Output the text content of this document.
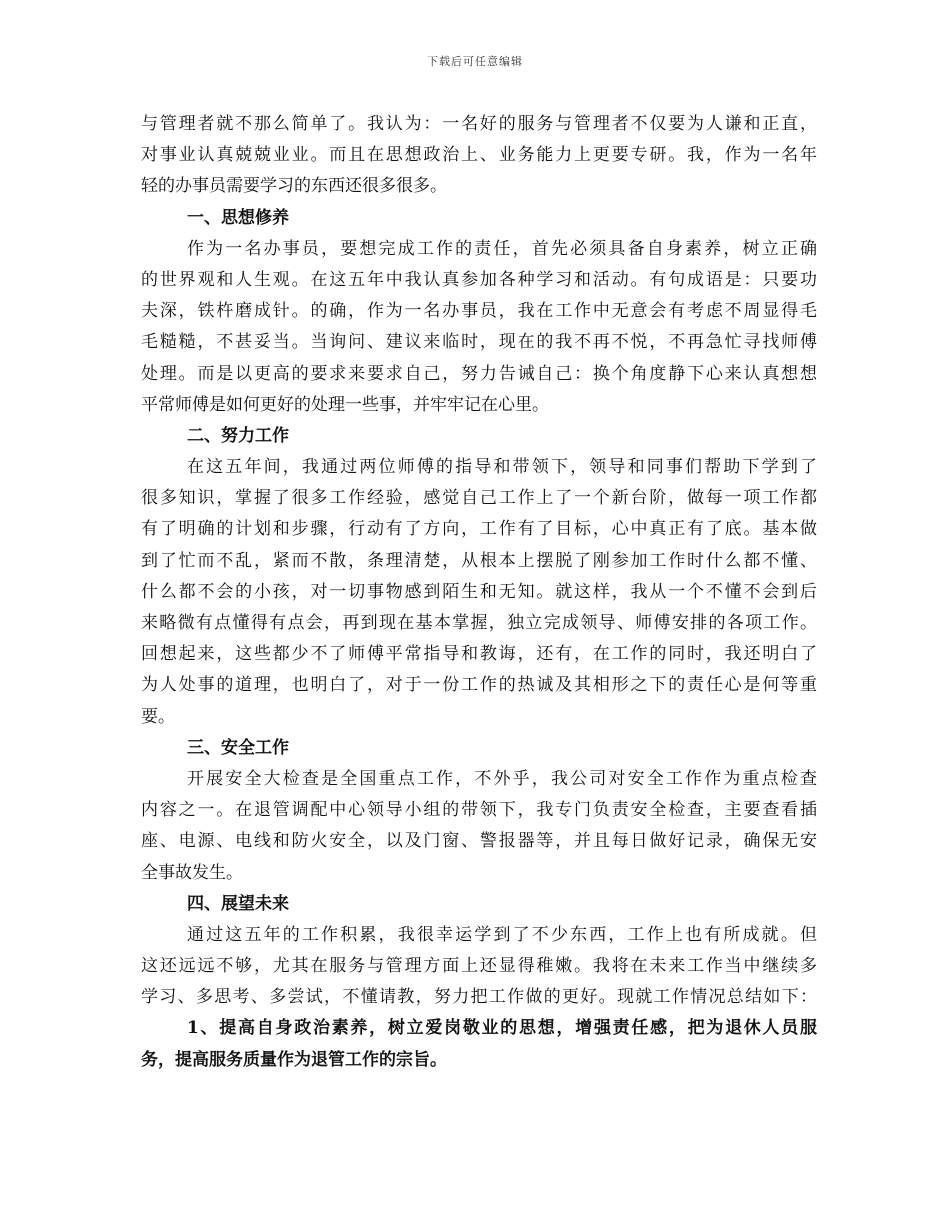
下载后可任意编辑
与管理者就不那么简单了。我认为：一名好的服务与管理者不仅要为人谦和正直，
对事业认真兢兢业业。而且在思想政治上、业务能力上更要专研。我，作为一名年
轻的办事员需要学习的东西还很多很多。
一、思想修养
作为一名办事员，要想完成工作的责任，首先必须具备自身素养，树立正确
的世界观和人生观。在这五年中我认真参加各种学习和活动。有句成语是：只要功
夫深，铁杵磨成针。的确，作为一名办事员，我在工作中无意会有考虑不周显得毛
毛糙糙，不甚妥当。当询问、建议来临时，现在的我不再不悦，不再急忙寻找师傅
处理。而是以更高的要求来要求自己，努力告诫自己：换个角度静下心来认真想想
平常师傅是如何更好的处理一些事，并牢牢记在心里。
二、努力工作
在这五年间，我通过两位师傅的指导和带领下，领导和同事们帮助下学到了
很多知识，掌握了很多工作经验，感觉自己工作上了一个新台阶，做每一项工作都
有了明确的计划和步骤，行动有了方向，工作有了目标，心中真正有了底。基本做
到了忙而不乱，紧而不散，条理清楚，从根本上摆脱了刚参加工作时什么都不懂、
什么都不会的小孩，对一切事物感到陌生和无知。就这样，我从一个不懂不会到后
来略微有点懂得有点会，再到现在基本掌握，独立完成领导、师傅安排的各项工作。
回想起来，这些都少不了师傅平常指导和教诲，还有，在工作的同时，我还明白了
为人处事的道理，也明白了，对于一份工作的热诚及其相形之下的责任心是何等重
要。
三、安全工作
开展安全大检查是全国重点工作，不外乎，我公司对安全工作作为重点检查
内容之一。在退管调配中心领导小组的带领下，我专门负责安全检查，主要查看插
座、电源、电线和防火安全，以及门窗、警报器等，并且每日做好记录，确保无安
全事故发生。
四、展望未来
通过这五年的工作积累，我很幸运学到了不少东西，工作上也有所成就。但
这还远远不够，尤其在服务与管理方面上还显得稚嫩。我将在未来工作当中继续多
学习、多思考、多尝试，不懂请教，努力把工作做的更好。现就工作情况总结如下：
1、提高自身政治素养，树立爱岗敬业的思想，增强责任感，把为退休人员服
务，提高服务质量作为退管工作的宗旨。
